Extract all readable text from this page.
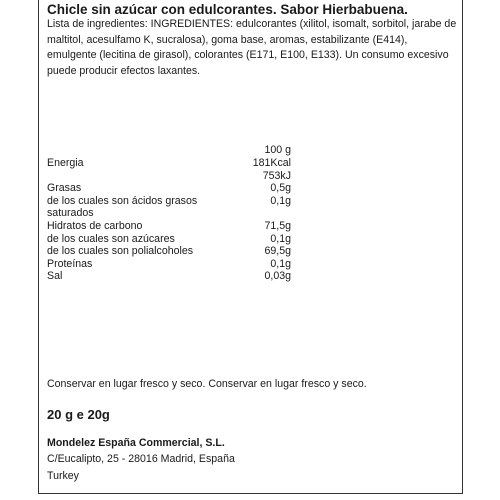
Chicle sin azúcar con edulcorantes. Sabor Hierbabuena.
Lista de ingredientes: INGREDIENTES: edulcorantes (xilitol, isomalt, sorbitol, jarabe de maltitol, acesulfamo K, sucralosa), goma base, aromas, estabilizante (E414), emulgente (lecitina de girasol), colorantes (E171, E100, E133). Un consumo excesivo puede producir efectos laxantes.
100 g
Energia	181Kcal
753kJ
Grasas	0,5g
de los cuales son ácidos grasos	0,1g
saturados
Hidratos de carbono	71,5g
de los cuales son azúcares	0,1g
de los cuales son polialcoholes	69,5g
Proteínas	0,1g
Sal	0,03g
Conservar en lugar fresco y seco. Conservar en lugar fresco y seco.
20 g e 20g
Mondelez España Commercial, S.L.
C/Eucalipto, 25 - 28016 Madrid, España
Turkey
